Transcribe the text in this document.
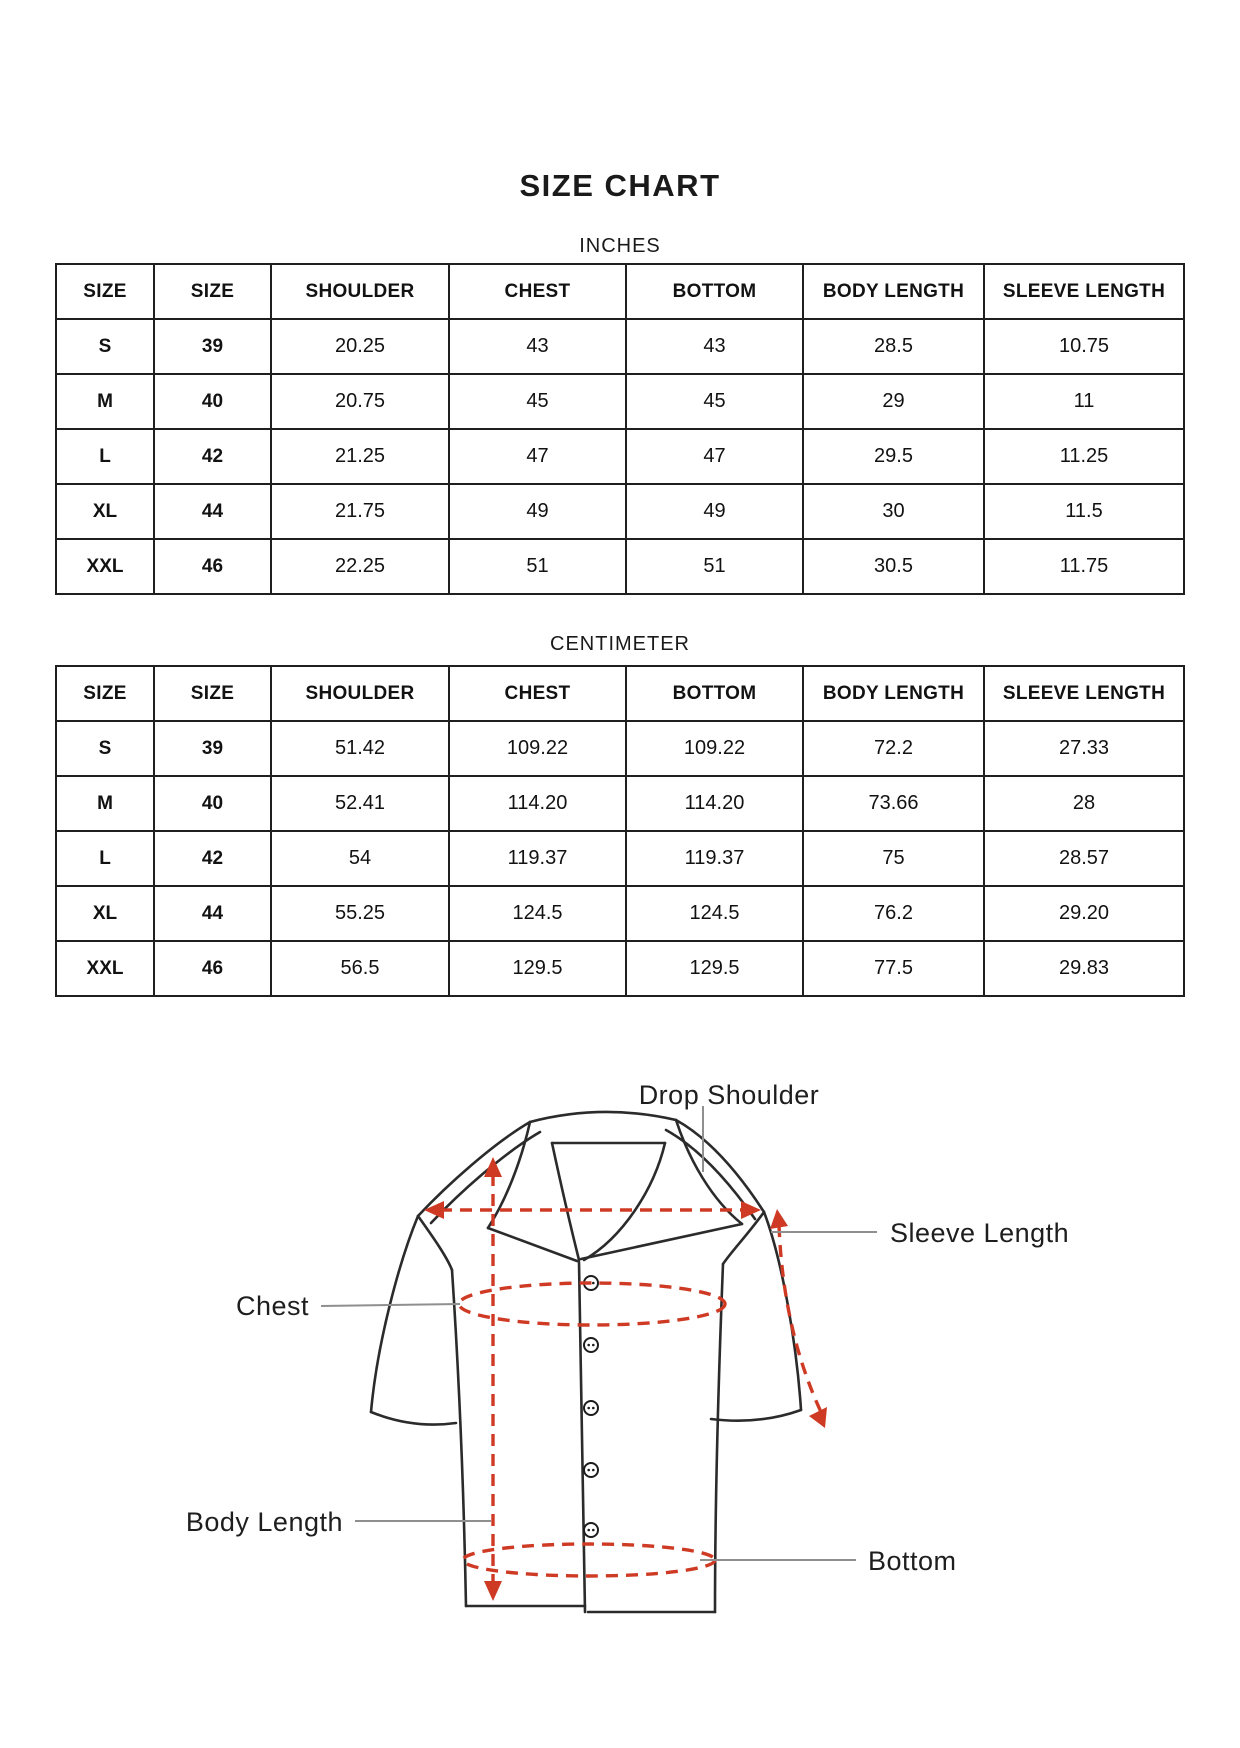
SIZE CHART
INCHES
SIZE	SIZE	SHOULDER	CHEST	BOTTOM	BODY LENGTH	SLEEVE LENGTH
S	39	20.25	43	43	28.5	10.75
M	40	20.75	45	45	29	11
L	42	21.25	47	47	29.5	11.25
XL	44	21.75	49	49	30	11.5
XXL	46	22.25	51	51	30.5	11.75
CENTIMETER
SIZE	SIZE	SHOULDER	CHEST	BOTTOM	BODY LENGTH	SLEEVE LENGTH
S	39	51.42	109.22	109.22	72.2	27.33
M	40	52.41	114.20	114.20	73.66	28
L	42	54	119.37	119.37	75	28.57
XL	44	55.25	124.5	124.5	76.2	29.20
XXL	46	56.5	129.5	129.5	77.5	29.83
Drop Shoulder
Sleeve Length
Chest
Body Length
Bottom
